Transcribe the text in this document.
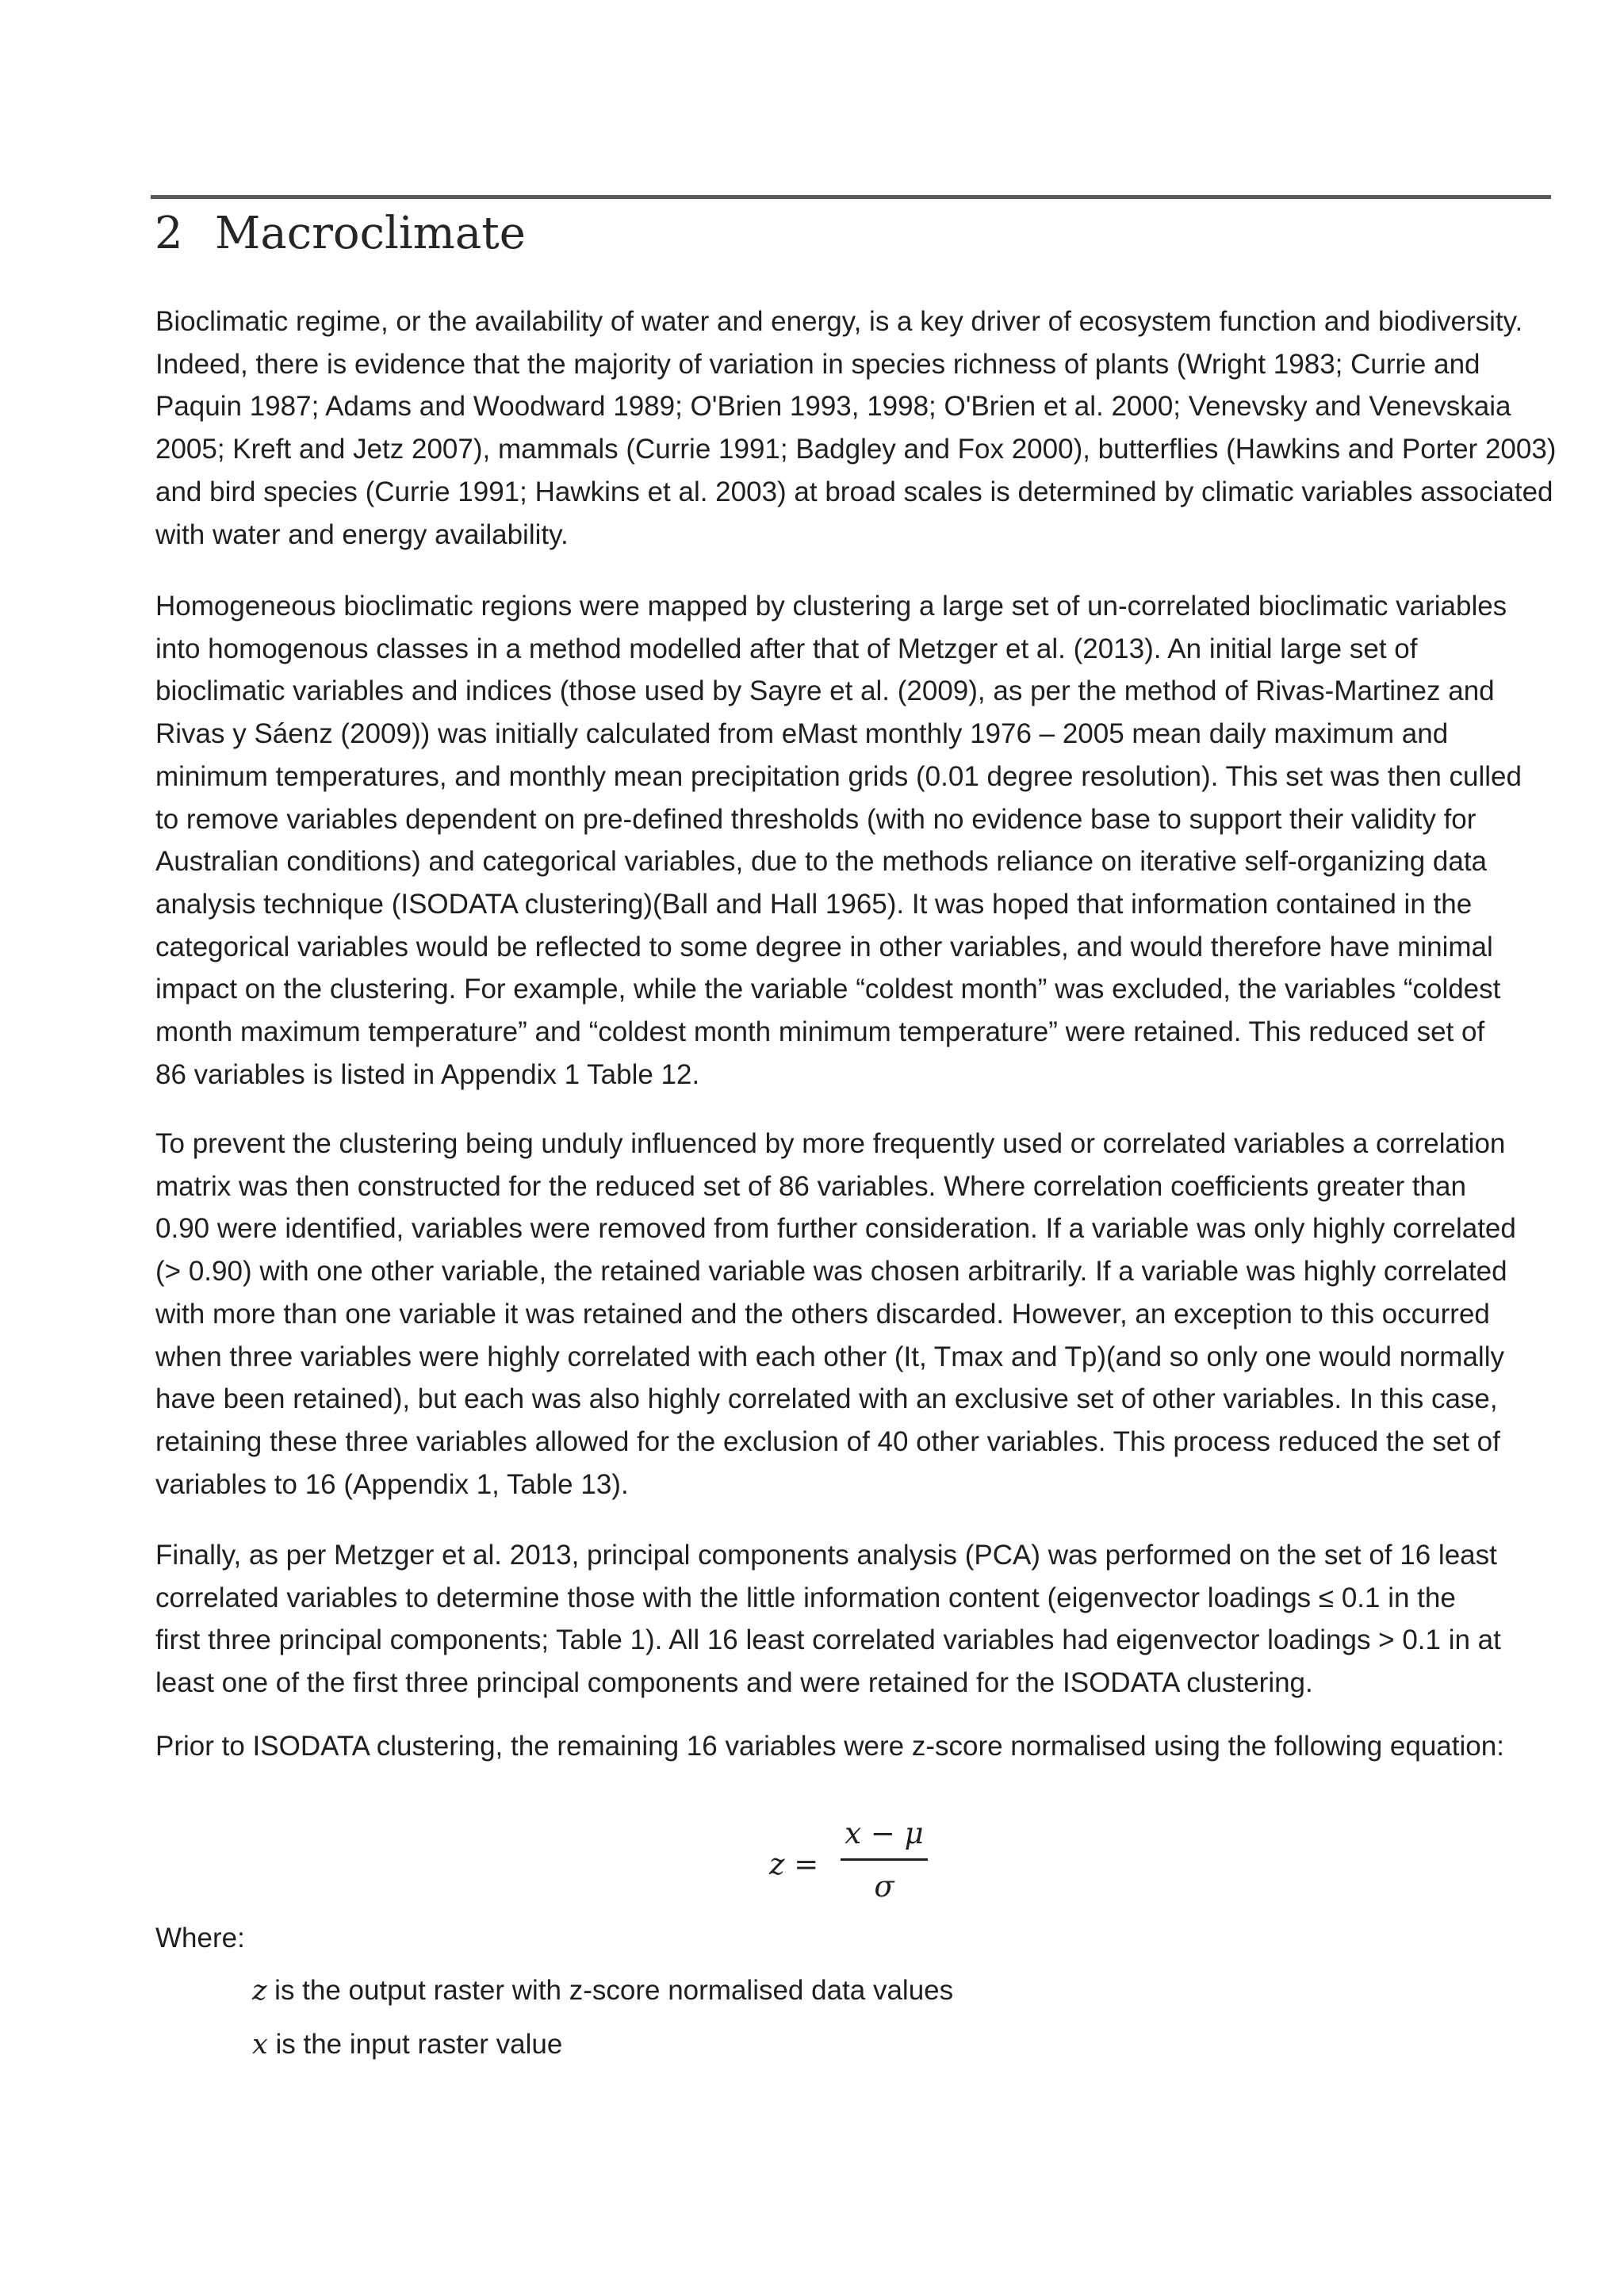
2 Macroclimate

Bioclimatic regime, or the availability of water and energy, is a key driver of ecosystem function and biodiversity.
Indeed, there is evidence that the majority of variation in species richness of plants (Wright 1983; Currie and
Paquin 1987; Adams and Woodward 1989; O'Brien 1993, 1998; O'Brien et al. 2000; Venevsky and Venevskaia
2005; Kreft and Jetz 2007), mammals (Currie 1991; Badgley and Fox 2000), butterflies (Hawkins and Porter 2003)
and bird species (Currie 1991; Hawkins et al. 2003) at broad scales is determined by climatic variables associated
with water and energy availability.

Homogeneous bioclimatic regions were mapped by clustering a large set of un-correlated bioclimatic variables
into homogenous classes in a method modelled after that of Metzger et al. (2013). An initial large set of
bioclimatic variables and indices (those used by Sayre et al. (2009), as per the method of Rivas-Martinez and
Rivas y Sáenz (2009)) was initially calculated from eMast monthly 1976 – 2005 mean daily maximum and
minimum temperatures, and monthly mean precipitation grids (0.01 degree resolution). This set was then culled
to remove variables dependent on pre-defined thresholds (with no evidence base to support their validity for
Australian conditions) and categorical variables, due to the methods reliance on iterative self-organizing data
analysis technique (ISODATA clustering)(Ball and Hall 1965). It was hoped that information contained in the
categorical variables would be reflected to some degree in other variables, and would therefore have minimal
impact on the clustering. For example, while the variable “coldest month” was excluded, the variables “coldest
month maximum temperature” and “coldest month minimum temperature” were retained. This reduced set of
86 variables is listed in Appendix 1 Table 12.

To prevent the clustering being unduly influenced by more frequently used or correlated variables a correlation
matrix was then constructed for the reduced set of 86 variables. Where correlation coefficients greater than
0.90 were identified, variables were removed from further consideration. If a variable was only highly correlated
(> 0.90) with one other variable, the retained variable was chosen arbitrarily. If a variable was highly correlated
with more than one variable it was retained and the others discarded. However, an exception to this occurred
when three variables were highly correlated with each other (It, Tmax and Tp)(and so only one would normally
have been retained), but each was also highly correlated with an exclusive set of other variables. In this case,
retaining these three variables allowed for the exclusion of 40 other variables. This process reduced the set of
variables to 16 (Appendix 1, Table 13).

Finally, as per Metzger et al. 2013, principal components analysis (PCA) was performed on the set of 16 least
correlated variables to determine those with the little information content (eigenvector loadings ≤ 0.1 in the
first three principal components; Table 1). All 16 least correlated variables had eigenvector loadings > 0.1 in at
least one of the first three principal components and were retained for the ISODATA clustering.

Prior to ISODATA clustering, the remaining 16 variables were z-score normalised using the following equation:

z =
x − μ
σ

Where:

z is the output raster with z-score normalised data values

x is the input raster value
